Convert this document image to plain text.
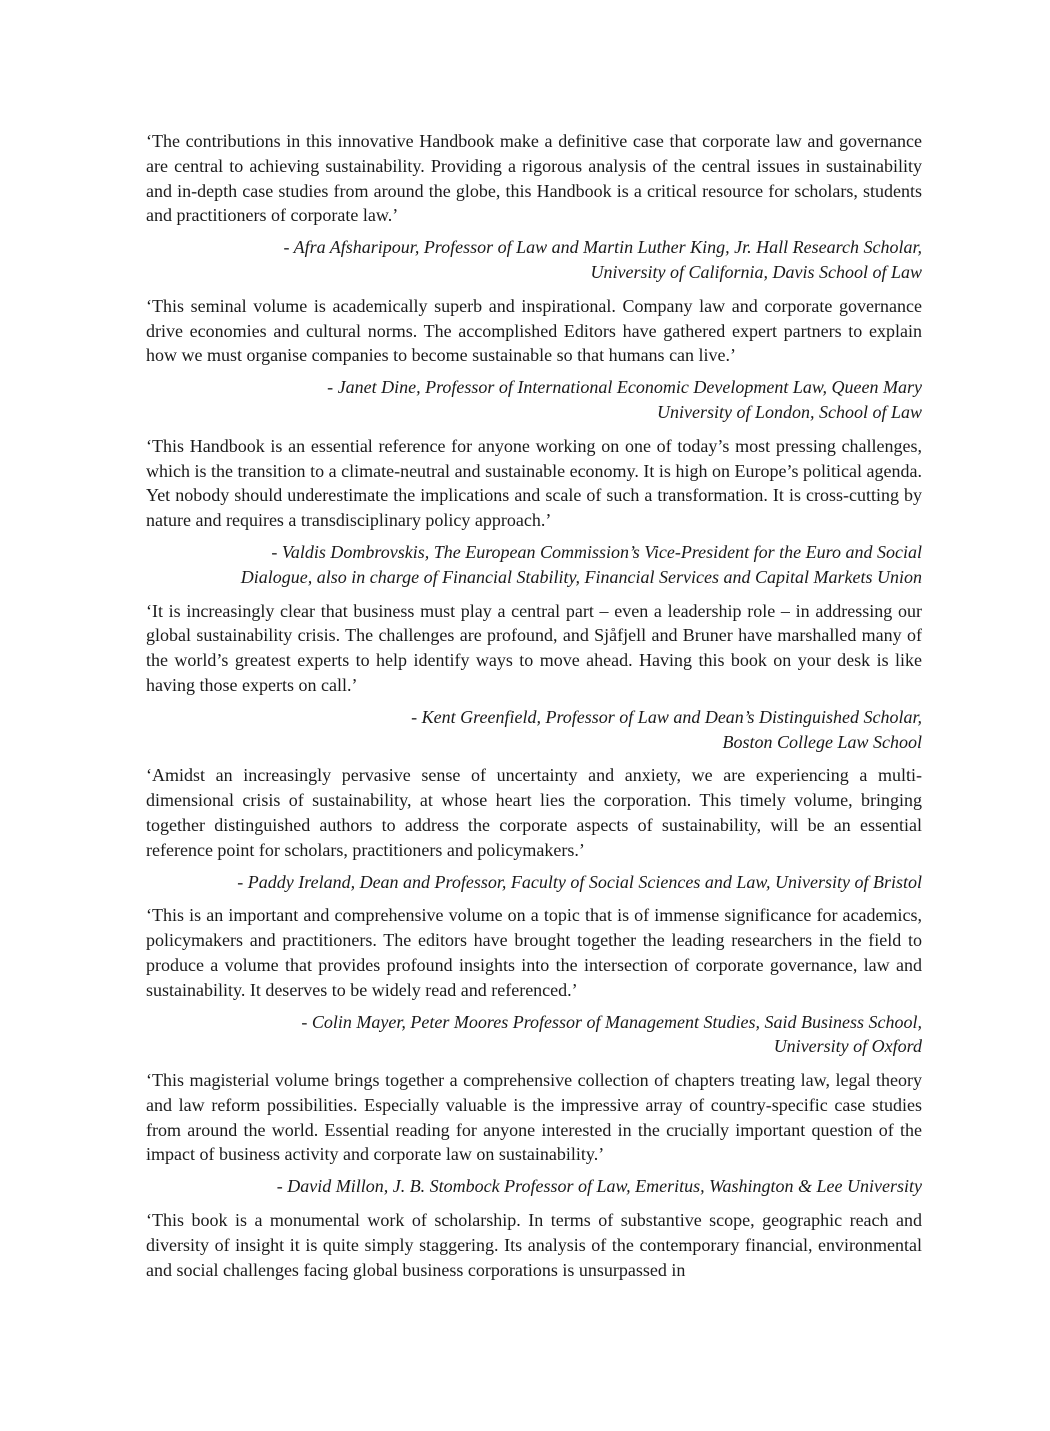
‘The contributions in this innovative Handbook make a definitive case that corporate law and governance are central to achieving sustainability. Providing a rigorous analysis of the central issues in sustainability and in-depth case studies from around the globe, this Handbook is a critical resource for scholars, students and practitioners of corporate law.’

- Afra Afsharipour, Professor of Law and Martin Luther King, Jr. Hall Research Scholar,
University of California, Davis School of Law

‘This seminal volume is academically superb and inspirational. Company law and corporate governance drive economies and cultural norms. The accomplished Editors have gathered expert partners to explain how we must organise companies to become sustainable so that humans can live.’

- Janet Dine, Professor of International Economic Development Law, Queen Mary
University of London, School of Law

‘This Handbook is an essential reference for anyone working on one of today’s most pressing challenges, which is the transition to a climate-neutral and sustainable economy. It is high on Europe’s political agenda. Yet nobody should underestimate the implications and scale of such a transformation. It is cross-cutting by nature and requires a transdisciplinary policy approach.’

- Valdis Dombrovskis, The European Commission’s Vice-President for the Euro and Social
Dialogue, also in charge of Financial Stability, Financial Services and Capital Markets Union

‘It is increasingly clear that business must play a central part – even a leadership role – in addressing our global sustainability crisis. The challenges are profound, and Sjåfjell and Bruner have marshalled many of the world’s greatest experts to help identify ways to move ahead. Having this book on your desk is like having those experts on call.’

- Kent Greenfield, Professor of Law and Dean’s Distinguished Scholar,
Boston College Law School

‘Amidst an increasingly pervasive sense of uncertainty and anxiety, we are experiencing a multi-dimensional crisis of sustainability, at whose heart lies the corporation. This timely volume, bringing together distinguished authors to address the corporate aspects of sustainability, will be an essential reference point for scholars, practitioners and policymakers.’

- Paddy Ireland, Dean and Professor, Faculty of Social Sciences and Law, University of Bristol

‘This is an important and comprehensive volume on a topic that is of immense significance for academics, policymakers and practitioners. The editors have brought together the leading researchers in the field to produce a volume that provides profound insights into the intersection of corporate governance, law and sustainability. It deserves to be widely read and referenced.’

- Colin Mayer, Peter Moores Professor of Management Studies, Said Business School,
University of Oxford

‘This magisterial volume brings together a comprehensive collection of chapters treating law, legal theory and law reform possibilities. Especially valuable is the impressive array of country-specific case studies from around the world. Essential reading for anyone interested in the crucially important question of the impact of business activity and corporate law on sustainability.’

- David Millon, J. B. Stombock Professor of Law, Emeritus, Washington & Lee University

‘This book is a monumental work of scholarship. In terms of substantive scope, geographic reach and diversity of insight it is quite simply staggering. Its analysis of the contemporary financial, environmental and social challenges facing global business corporations is unsurpassed in
